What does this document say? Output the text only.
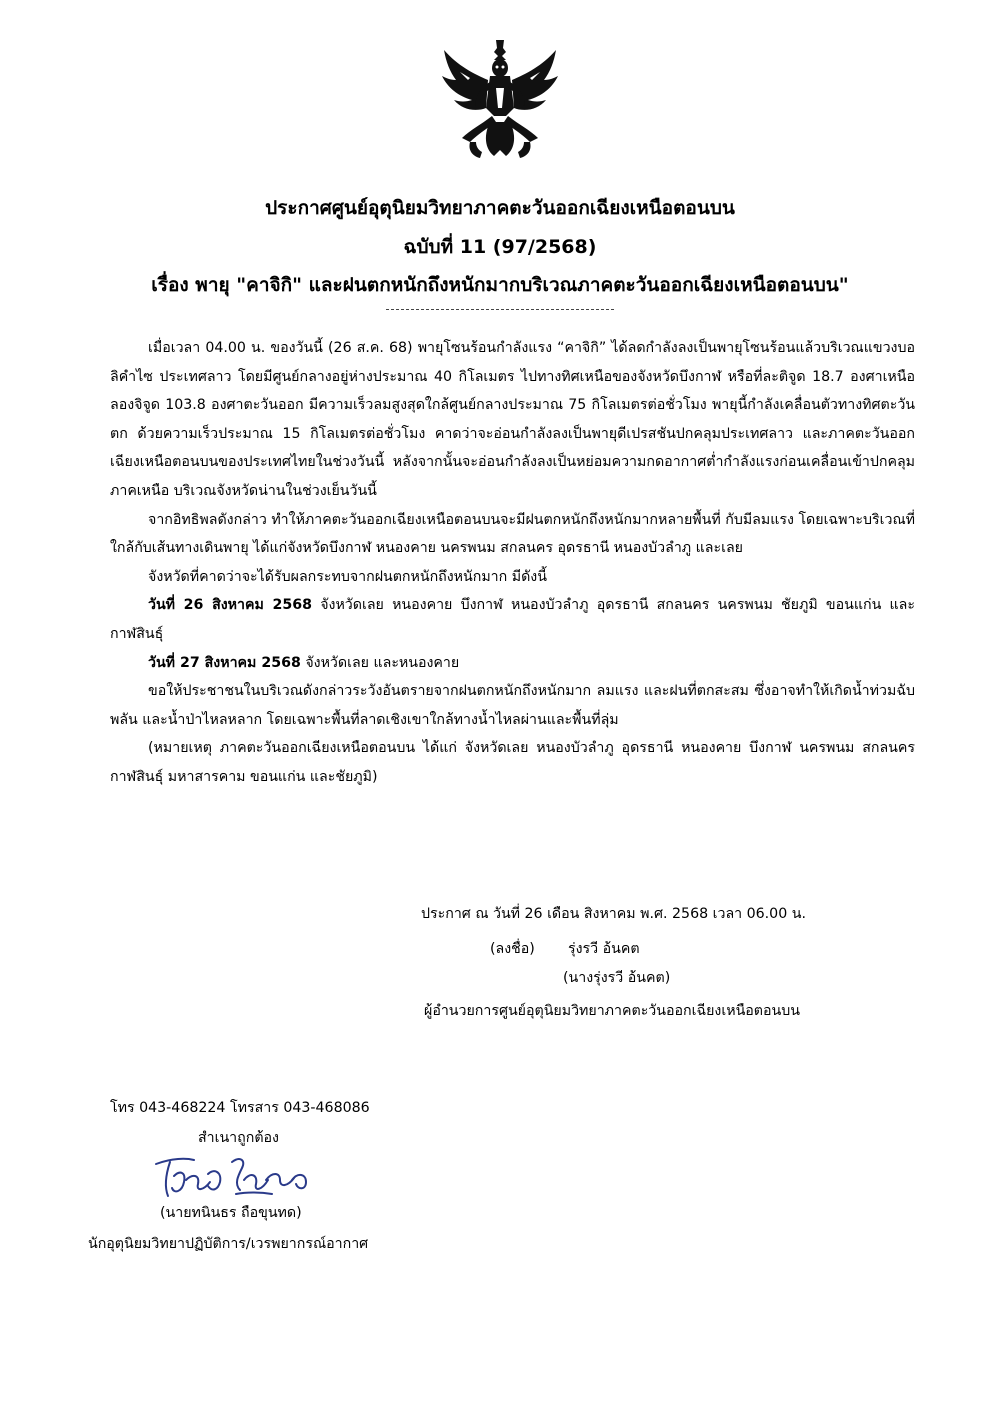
ประกาศศูนย์อุตุนิยมวิทยาภาคตะวันออกเฉียงเหนือตอนบน

ฉบับที่ 11 (97/2568)

เรื่อง พายุ "คาจิกิ" และฝนตกหนักถึงหนักมากบริเวณภาคตะวันออกเฉียงเหนือตอนบน"

เมื่อเวลา 04.00 น. ของวันนี้ (26 ส.ค. 68) พายุโซนร้อนกำลังแรง “คาจิกิ” ได้ลดกำลังลงเป็นพายุโซนร้อนแล้วบริเวณแขวงบอลิคำไซ ประเทศลาว โดยมีศูนย์กลางอยู่ห่างประมาณ 40 กิโลเมตร ไปทางทิศเหนือของจังหวัดบึงกาฬ หรือที่ละติจูด 18.7 องศาเหนือ ลองจิจูด 103.8 องศาตะวันออก มีความเร็วลมสูงสุดใกล้ศูนย์กลางประมาณ 75 กิโลเมตรต่อชั่วโมง พายุนี้กำลังเคลื่อนตัวทางทิศตะวันตก ด้วยความเร็วประมาณ 15 กิโลเมตรต่อชั่วโมง คาดว่าจะอ่อนกำลังลงเป็นพายุดีเปรสชันปกคลุมประเทศลาว และภาคตะวันออกเฉียงเหนือตอนบนของประเทศไทยในช่วงวันนี้ หลังจากนั้นจะอ่อนกำลังลงเป็นหย่อมความกดอากาศต่ำกำลังแรงก่อนเคลื่อนเข้าปกคลุมภาคเหนือ บริเวณจังหวัดน่านในช่วงเย็นวันนี้

จากอิทธิพลดังกล่าว ทำให้ภาคตะวันออกเฉียงเหนือตอนบนจะมีฝนตกหนักถึงหนักมากหลายพื้นที่ กับมีลมแรง โดยเฉพาะบริเวณที่ใกล้กับเส้นทางเดินพายุ ได้แก่จังหวัดบึงกาฬ หนองคาย นครพนม สกลนคร อุดรธานี หนองบัวลำภู และเลย

จังหวัดที่คาดว่าจะได้รับผลกระทบจากฝนตกหนักถึงหนักมาก มีดังนี้

วันที่ 26 สิงหาคม 2568 จังหวัดเลย หนองคาย บึงกาฬ หนองบัวลำภู อุดรธานี สกลนคร นครพนม ชัยภูมิ ขอนแก่น และกาฬสินธุ์

วันที่ 27 สิงหาคม 2568 จังหวัดเลย และหนองคาย

ขอให้ประชาชนในบริเวณดังกล่าวระวังอันตรายจากฝนตกหนักถึงหนักมาก ลมแรง และฝนที่ตกสะสม ซึ่งอาจทำให้เกิดน้ำท่วมฉับพลัน และน้ำป่าไหลหลาก โดยเฉพาะพื้นที่ลาดเชิงเขาใกล้ทางน้ำไหลผ่านและพื้นที่ลุ่ม

(หมายเหตุ ภาคตะวันออกเฉียงเหนือตอนบน ได้แก่ จังหวัดเลย หนองบัวลำภู อุดรธานี หนองคาย บึงกาฬ นครพนม สกลนคร กาฬสินธุ์ มหาสารคาม ขอนแก่น และชัยภูมิ)

ประกาศ ณ วันที่ 26 เดือน สิงหาคม พ.ศ. 2568 เวลา 06.00 น.

(ลงชื่อ) รุ่งรวี อ้นคต

(นางรุ่งรวี อ้นคต)

ผู้อำนวยการศูนย์อุตุนิยมวิทยาภาคตะวันออกเฉียงเหนือตอนบน

โทร 043-468224 โทรสาร 043-468086

สำเนาถูกต้อง

(นายทนินธร ถือขุนทด)

นักอุตุนิยมวิทยาปฏิบัติการ/เวรพยากรณ์อากาศ
